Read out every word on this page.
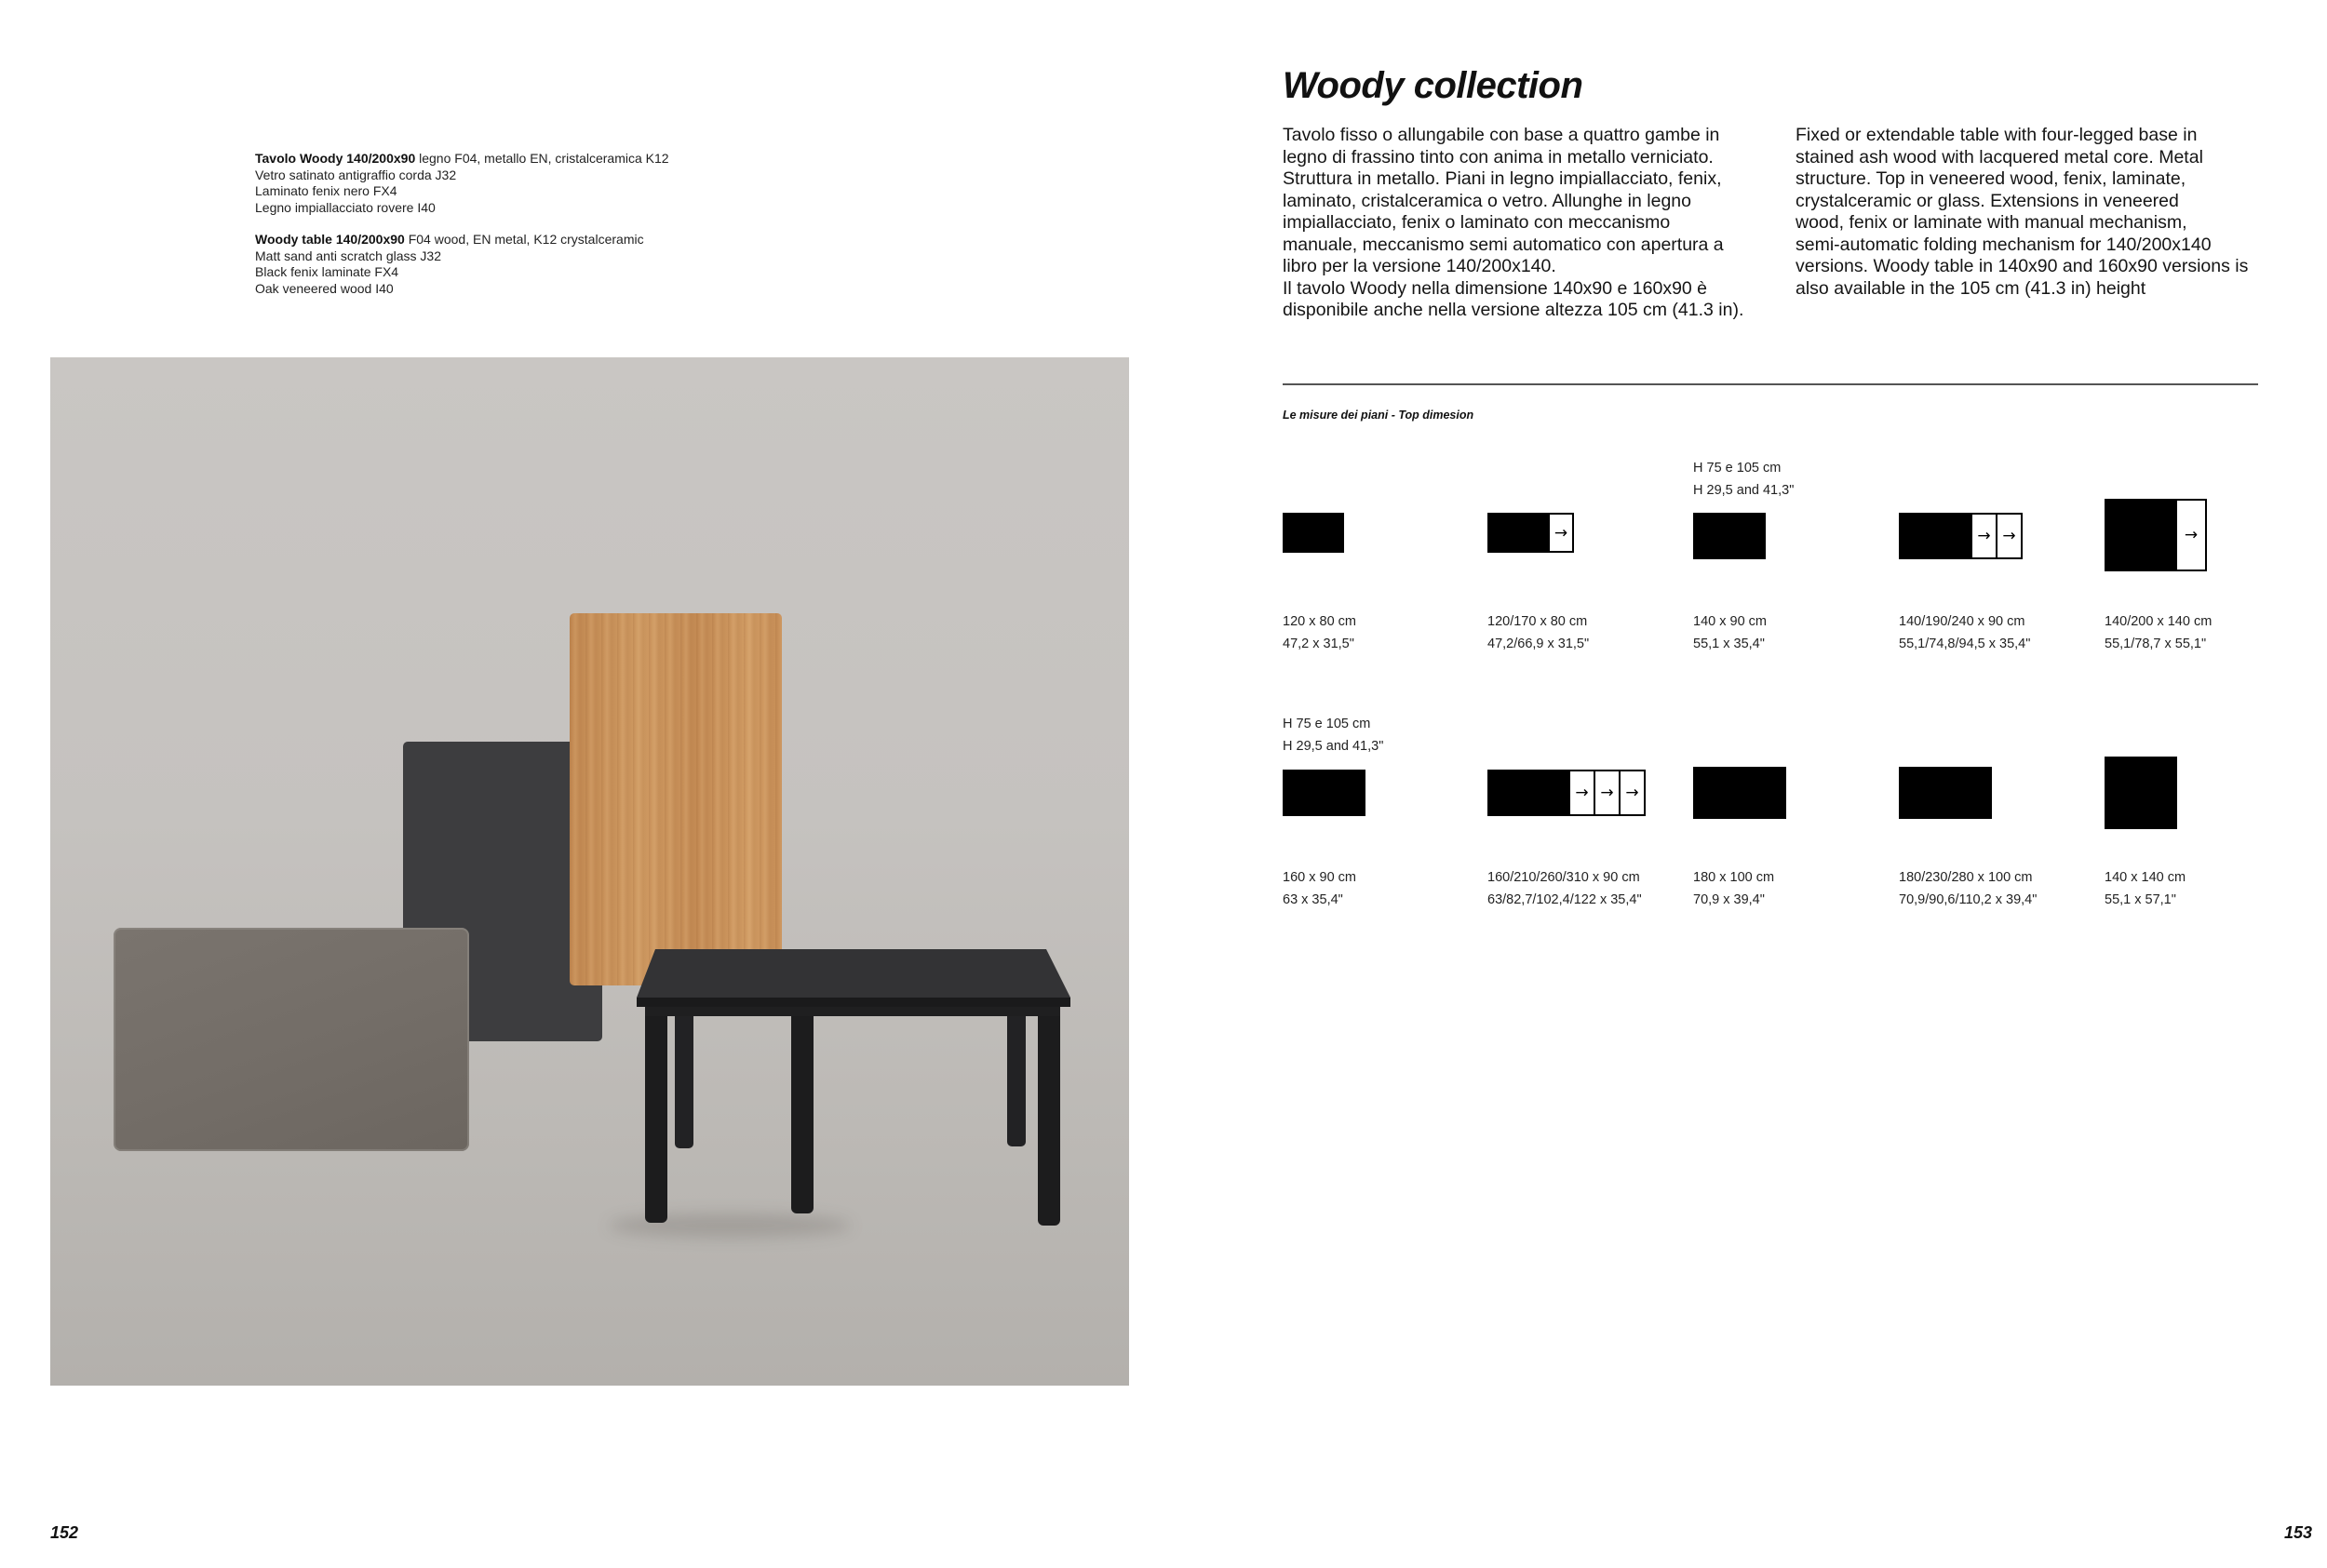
Tavolo Woody 140/200x90 legno F04, metallo EN, cristalceramica K12
Vetro satinato antigraffio corda J32
Laminato fenix nero FX4
Legno impiallacciato rovere I40
Woody table 140/200x90 F04 wood, EN metal, K12 crystalceramic
Matt sand anti scratch glass J32
Black fenix laminate FX4
Oak veneered wood I40
Woody collection

Tavolo fisso o allungabile con base a quattro gambe in

legno di frassino tinto con anima in metallo verniciato.

Struttura in metallo. Piani in legno impiallacciato, fenix,

laminato, cristalceramica o vetro. Allunghe in legno

impiallacciato, fenix o laminato con meccanismo

manuale, meccanismo semi automatico con apertura a

libro per la versione 140/200x140.

Il tavolo Woody nella dimensione 140x90 e 160x90 è

disponibile anche nella versione altezza 105 cm (41.3 in).

Fixed or extendable table with four-legged base in

stained ash wood with lacquered metal core. Metal

structure. Top in veneered wood, fenix, laminate,

crystalceramic or glass. Extensions in veneered

wood, fenix or laminate with manual mechanism,

semi-automatic folding mechanism for 140/200x140

versions. Woody table in 140x90 and 160x90 versions is

also available in the 105 cm (41.3 in) height

Le misure dei piani - Top dimesion
120 x 80 cm
47,2 x 31,5"
→
120/170 x 80 cm
47,2/66,9 x 31,5"
H 75 e 105 cm
H 29,5 and 41,3"
140 x 90 cm
55,1 x 35,4"
→ →
140/190/240 x 90 cm
55,1/74,8/94,5 x 35,4"
→
140/200 x 140 cm
55,1/78,7 x 55,1"
H 75 e 105 cm
H 29,5 and 41,3"
160 x 90 cm
63 x 35,4"
→ → →
160/210/260/310 x 90 cm
63/82,7/102,4/122 x 35,4"
180 x 100 cm
70,9 x 39,4"
180/230/280 x 100 cm
70,9/90,6/110,2 x 39,4"
140 x 140 cm
55,1 x 57,1"
152	153
